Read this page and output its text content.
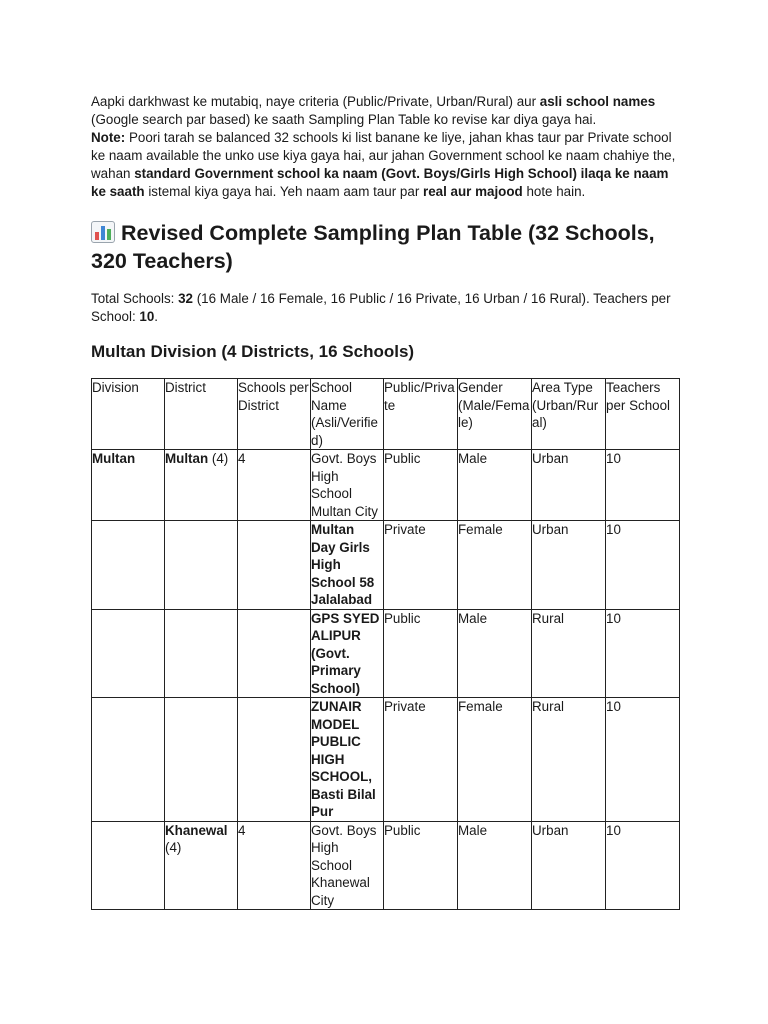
Aapki darkhwast ke mutabiq, naye criteria (Public/Private, Urban/Rural) aur asli school names (Google search par based) ke saath Sampling Plan Table ko revise kar diya gaya hai.
Note: Poori tarah se balanced 32 schools ki list banane ke liye, jahan khas taur par Private school ke naam available the unko use kiya gaya hai, aur jahan Government school ke naam chahiye the, wahan standard Government school ka naam (Govt. Boys/Girls High School) ilaqa ke naam ke saath istemal kiya gaya hai. Yeh naam aam taur par real aur majood hote hain.

Revised Complete Sampling Plan Table (32 Schools, 320 Teachers)

Total Schools: 32 (16 Male / 16 Female, 16 Public / 16 Private, 16 Urban / 16 Rural). Teachers per School: 10.

Multan Division (4 Districts, 16 Schools)
Division	District	Schools per District	School Name (Asli/Verified)	Public/Private	Gender (Male/Female)	Area Type (Urban/Rural)	Teachers per School
Multan	Multan (4)	4	Govt. Boys High School Multan City	Public	Male	Urban	10
			Multan Day Girls High School 58 Jalalabad	Private	Female	Urban	10
			GPS SYED ALIPUR (Govt. Primary School)	Public	Male	Rural	10
			ZUNAIR MODEL PUBLIC HIGH SCHOOL, Basti Bilal Pur	Private	Female	Rural	10
	Khanewal (4)	4	Govt. Boys High School Khanewal City	Public	Male	Urban	10
